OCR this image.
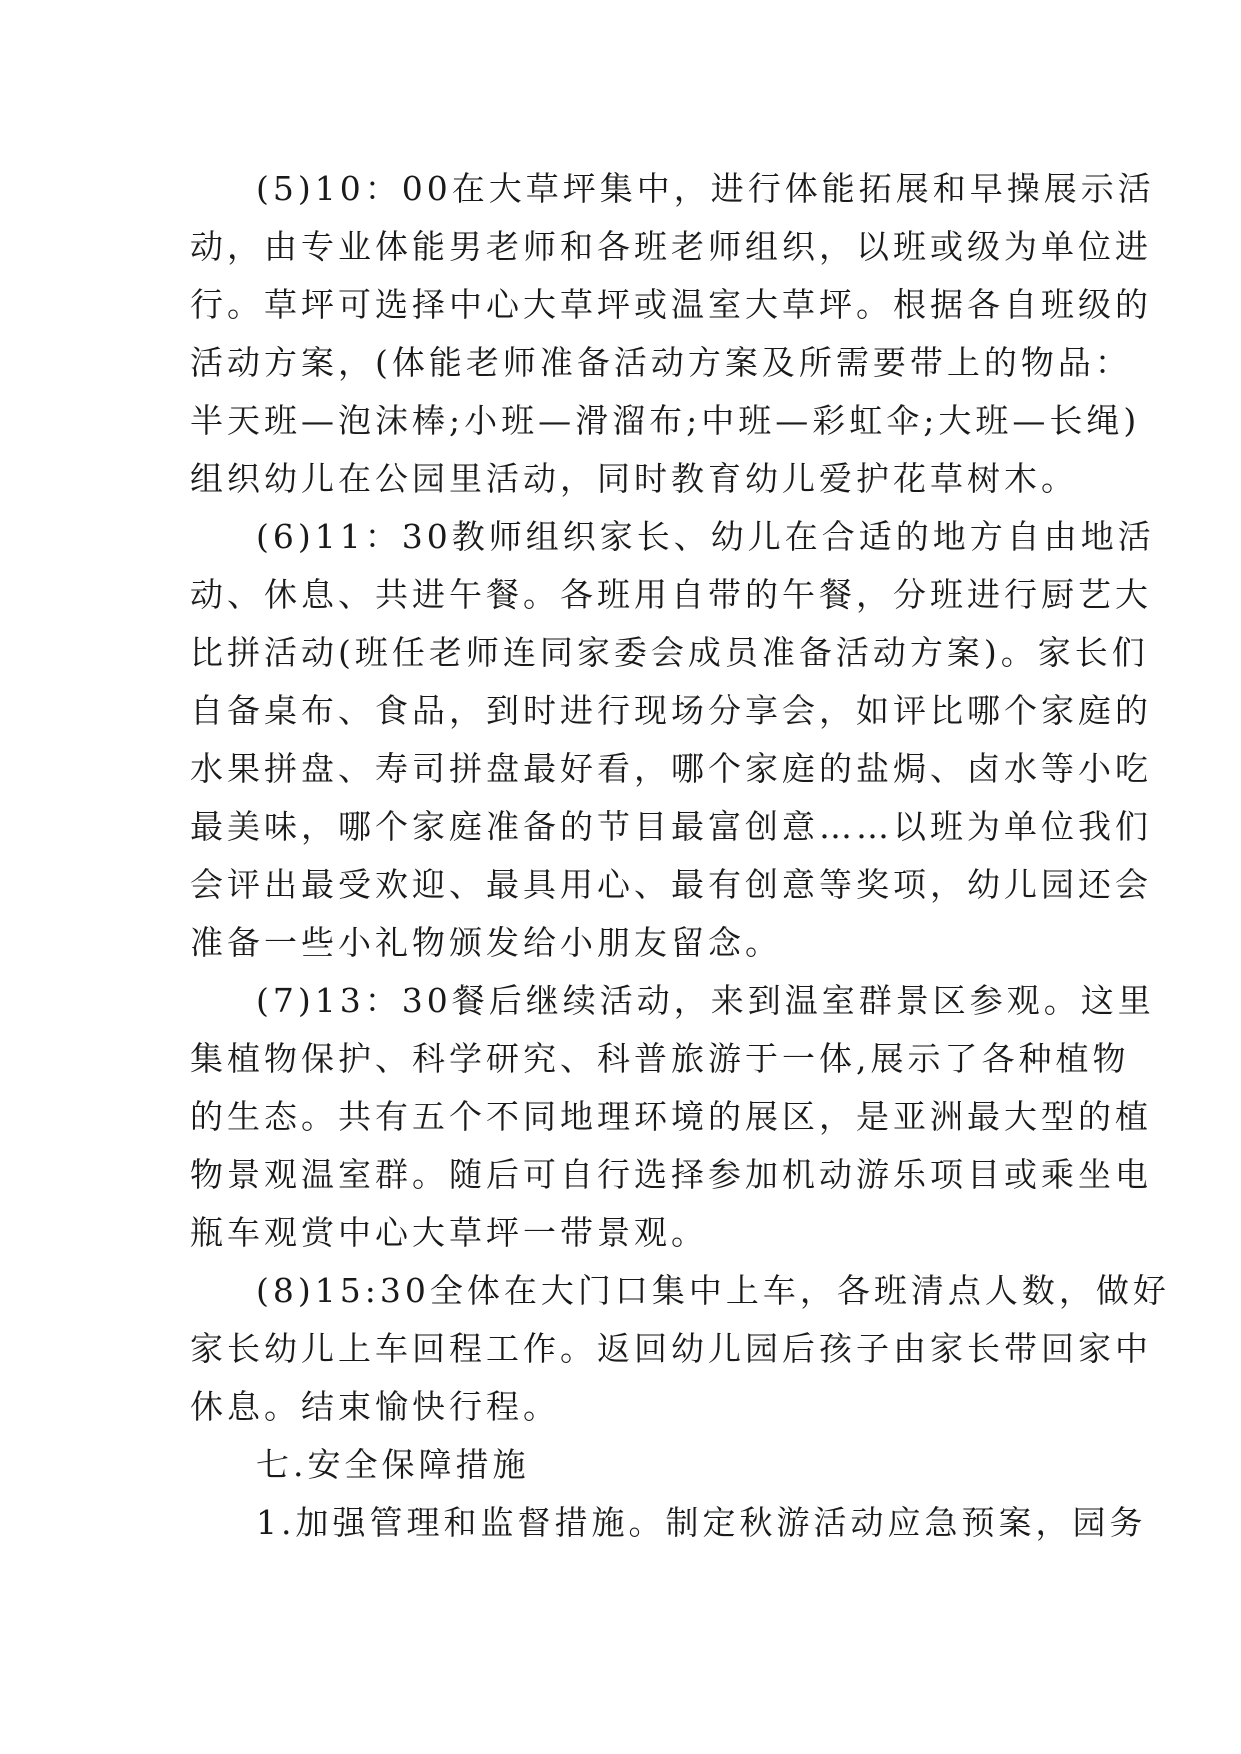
(5)10：00在大草坪集中，进行体能拓展和早操展示活
动，由专业体能男老师和各班老师组织，以班或级为单位进
行。草坪可选择中心大草坪或温室大草坪。根据各自班级的
活动方案，(体能老师准备活动方案及所需要带上的物品：
半天班—泡沫棒;小班—滑溜布;中班—彩虹伞;大班—长绳)
组织幼儿在公园里活动，同时教育幼儿爱护花草树木。
(6)11：30教师组织家长、幼儿在合适的地方自由地活
动、休息、共进午餐。各班用自带的午餐，分班进行厨艺大
比拼活动(班任老师连同家委会成员准备活动方案)。家长们
自备桌布、食品，到时进行现场分享会，如评比哪个家庭的
水果拼盘、寿司拼盘最好看，哪个家庭的盐焗、卤水等小吃
最美味，哪个家庭准备的节目最富创意……以班为单位我们
会评出最受欢迎、最具用心、最有创意等奖项，幼儿园还会
准备一些小礼物颁发给小朋友留念。
(7)13：30餐后继续活动，来到温室群景区参观。这里
集植物保护、科学研究、科普旅游于一体,展示了各种植物
的生态。共有五个不同地理环境的展区，是亚洲最大型的植
物景观温室群。随后可自行选择参加机动游乐项目或乘坐电
瓶车观赏中心大草坪一带景观。
(8)15:30全体在大门口集中上车，各班清点人数，做好
家长幼儿上车回程工作。返回幼儿园后孩子由家长带回家中
休息。结束愉快行程。
七.安全保障措施
1.加强管理和监督措施。制定秋游活动应急预案，园务
